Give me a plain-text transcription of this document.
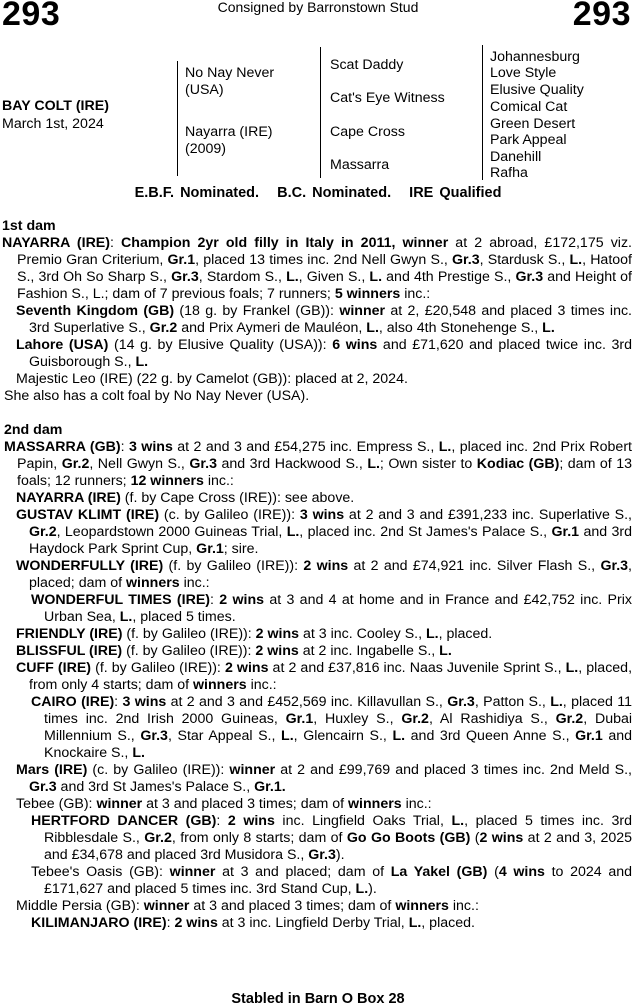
293	Consigned by Barronstown Stud	293
BAY COLT (IRE)
March 1st, 2024
No Nay Never
(USA)
Nayarra (IRE)
(2009)
Scat Daddy
Cat's Eye Witness
Cape Cross
Massarra
Johannesburg
Love Style
Elusive Quality
Comical Cat
Green Desert
Park Appeal
Danehill
Rafha
E.B.F. Nominated.   B.C. Nominated.   IRE Qualified
1st dam
NAYARRA (IRE): Champion 2yr old filly in Italy in 2011, winner at 2 abroad, £172,175 viz. Premio Gran Criterium, Gr.1, placed 13 times inc. 2nd Nell Gwyn S., Gr.3, Stardusk S., L., Hatoof S., 3rd Oh So Sharp S., Gr.3, Stardom S., L., Given S., L. and 4th Prestige S., Gr.3 and Height of Fashion S., L.; dam of 7 previous foals; 7 runners; 5 winners inc.:
Seventh Kingdom (GB) (18 g. by Frankel (GB)): winner at 2, £20,548 and placed 3 times inc. 3rd Superlative S., Gr.2 and Prix Aymeri de Mauléon, L., also 4th Stonehenge S., L.
Lahore (USA) (14 g. by Elusive Quality (USA)): 6 wins and £71,620 and placed twice inc. 3rd Guisborough S., L.
Majestic Leo (IRE) (22 g. by Camelot (GB)): placed at 2, 2024.
She also has a colt foal by No Nay Never (USA).
2nd dam
MASSARRA (GB): 3 wins at 2 and 3 and £54,275 inc. Empress S., L., placed inc. 2nd Prix Robert Papin, Gr.2, Nell Gwyn S., Gr.3 and 3rd Hackwood S., L.; Own sister to Kodiac (GB); dam of 13 foals; 12 runners; 12 winners inc.:
NAYARRA (IRE) (f. by Cape Cross (IRE)): see above.
GUSTAV KLIMT (IRE) (c. by Galileo (IRE)): 3 wins at 2 and 3 and £391,233 inc. Superlative S., Gr.2, Leopardstown 2000 Guineas Trial, L., placed inc. 2nd St James's Palace S., Gr.1 and 3rd Haydock Park Sprint Cup, Gr.1; sire.
WONDERFULLY (IRE) (f. by Galileo (IRE)): 2 wins at 2 and £74,921 inc. Silver Flash S., Gr.3, placed; dam of winners inc.:
WONDERFUL TIMES (IRE): 2 wins at 3 and 4 at home and in France and £42,752 inc. Prix Urban Sea, L., placed 5 times.
FRIENDLY (IRE) (f. by Galileo (IRE)): 2 wins at 3 inc. Cooley S., L., placed.
BLISSFUL (IRE) (f. by Galileo (IRE)): 2 wins at 2 inc. Ingabelle S., L.
CUFF (IRE) (f. by Galileo (IRE)): 2 wins at 2 and £37,816 inc. Naas Juvenile Sprint S., L., placed, from only 4 starts; dam of winners inc.:
CAIRO (IRE): 3 wins at 2 and 3 and £452,569 inc. Killavullan S., Gr.3, Patton S., L., placed 11 times inc. 2nd Irish 2000 Guineas, Gr.1, Huxley S., Gr.2, Al Rashidiya S., Gr.2, Dubai Millennium S., Gr.3, Star Appeal S., L., Glencairn S., L. and 3rd Queen Anne S., Gr.1 and Knockaire S., L.
Mars (IRE) (c. by Galileo (IRE)): winner at 2 and £99,769 and placed 3 times inc. 2nd Meld S., Gr.3 and 3rd St James's Palace S., Gr.1.
Tebee (GB): winner at 3 and placed 3 times; dam of winners inc.:
HERTFORD DANCER (GB): 2 wins inc. Lingfield Oaks Trial, L., placed 5 times inc. 3rd Ribblesdale S., Gr.2, from only 8 starts; dam of Go Go Boots (GB) (2 wins at 2 and 3, 2025 and £34,678 and placed 3rd Musidora S., Gr.3).
Tebee's Oasis (GB): winner at 3 and placed; dam of La Yakel (GB) (4 wins to 2024 and £171,627 and placed 5 times inc. 3rd Stand Cup, L.).
Middle Persia (GB): winner at 3 and placed 3 times; dam of winners inc.:
KILIMANJARO (IRE): 2 wins at 3 inc. Lingfield Derby Trial, L., placed.
Stabled in Barn O Box 28
